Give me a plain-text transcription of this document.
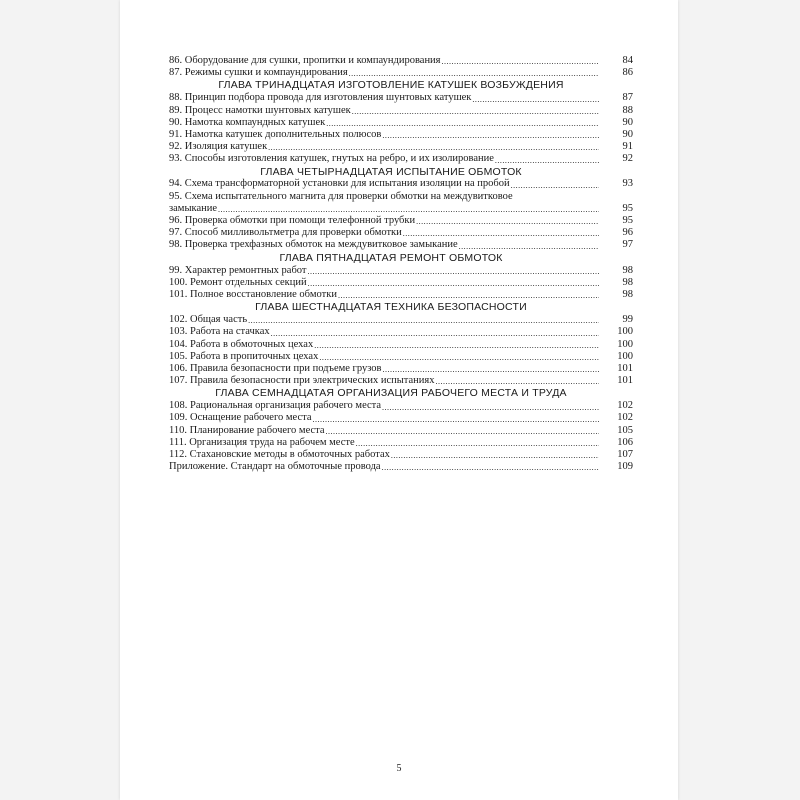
86. Оборудование для сушки, пропитки и компаундирования .....	84
87. Режимы сушки и компаундирования .....	86
ГЛАВА ТРИНАДЦАТАЯ ИЗГОТОВЛЕНИЕ КАТУШЕК ВОЗБУЖДЕНИЯ
88. Принцип подбора провода для изготовления шунтовых катушек .....	87
89. Процесс намотки шунтовых катушек .....	88
90. Намотка компаундных катушек .....	90
91. Намотка катушек дополнительных полюсов .....	90
92. Изоляция катушек .....	91
93. Способы изготовления катушек, гнутых на ребро, и их изолирование .....	92
ГЛАВА ЧЕТЫРНАДЦАТАЯ ИСПЫТАНИЕ ОБМОТОК
94. Схема трансформаторной установки для испытания изоляции на пробой .....	93
95. Схема испытательного магнита для проверки обмотки на междувитковое
замыкание .....	95
96. Проверка обмотки при помощи телефонной трубки .....	95
97. Способ милливольтметра для проверки обмотки .....	96
98. Проверка трехфазных обмоток на междувитковое замыкание .....	97
ГЛАВА ПЯТНАДЦАТАЯ РЕМОНТ ОБМОТОК
99. Характер ремонтных работ .....	98
100. Ремонт отдельных секций .....	98
101. Полное восстановление обмотки .....	98
ГЛАВА ШЕСТНАДЦАТАЯ ТЕХНИКА БЕЗОПАСНОСТИ
102. Общая часть .....	99
103. Работа на стачках .....	100
104. Работа в обмоточных цехах .....	100
105. Работа в пропиточных цехах .....	100
106. Правила безопасности при подъеме грузов .....	101
107. Правила безопасности при электрических испытаниях .....	101
ГЛАВА СЕМНАДЦАТАЯ ОРГАНИЗАЦИЯ РАБОЧЕГО МЕСТА И ТРУДА
108. Рациональная организация рабочего места .....	102
109. Оснащение рабочего места .....	102
110. Планирование рабочего места .....	105
111. Организация труда на рабочем месте .....	106
112. Стахановские методы в обмоточных работах .....	107
Приложение. Стандарт на обмоточные провода .....	109
5
